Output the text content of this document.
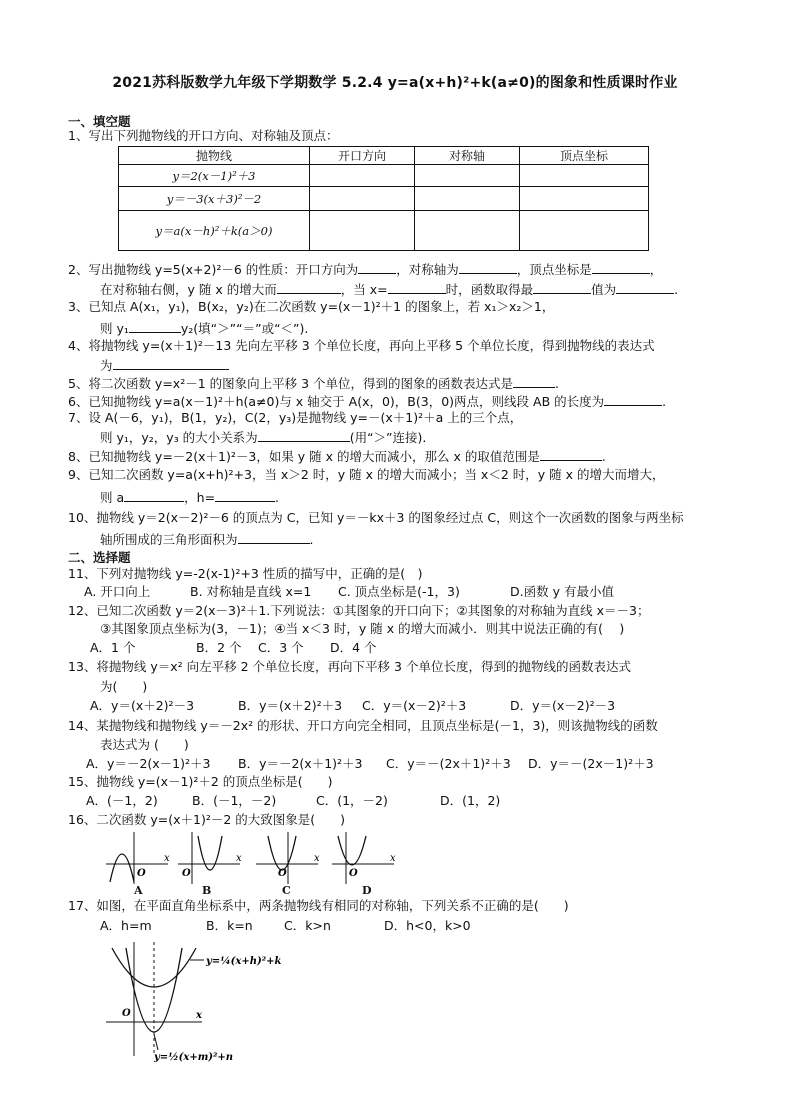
2021苏科版数学九年级下学期数学 5.2.4 y=a(x+h)²+k(a≠0)的图象和性质课时作业
一、填空题
1、写出下列抛物线的开口方向、对称轴及顶点：
抛物线	开口方向	对称轴	顶点坐标
y＝2(x－1)²＋3			
y＝－3(x＋3)²－2			
y＝a(x－h)²＋k(a＞0)			
2、写出抛物线 y=5(x+2)²－6 的性质：开口方向为	，对称轴为	，顶点坐标是	，
在对称轴右侧，y 随 x 的增大而	，当 x=	时，函数取得最	值为	.
3、已知点 A(x₁，y₁)，B(x₂，y₂)在二次函数 y=(x－1)²＋1 的图象上，若 x₁＞x₂＞1，
则 y₁	y₂(填“＞”“＝”或“＜”).
4、将抛物线 y=(x＋1)²－13 先向左平移 3 个单位长度，再向上平移 5 个单位长度，得到抛物线的表达式
为
5、将二次函数 y=x²－1 的图象向上平移 3 个单位，得到的图象的函数表达式是	.
6、已知抛物线 y=a(x－1)²＋h(a≠0)与 x 轴交于 A(x，0)，B(3，0)两点，则线段 AB 的长度为	.
7、设 A(－6，y₁)，B(1，y₂)，C(2，y₃)是抛物线 y=－(x＋1)²＋a 上的三个点，
则 y₁，y₂，y₃ 的大小关系为	(用“＞”连接).
8、已知抛物线 y=－2(x＋1)²－3，如果 y 随 x 的增大而减小，那么 x 的取值范围是	.
9、已知二次函数 y=a(x+h)²+3，当 x＞2 时，y 随 x 的增大而减小；当 x＜2 时，y 随 x 的增大而增大，
则 a	，h=	.
10、抛物线 y＝2(x－2)²－6 的顶点为 C，已知 y＝－kx＋3 的图象经过点 C，则这个一次函数的图象与两坐标
轴所围成的三角形面积为	.
二、选择题
11、下列对抛物线 y=-2(x-1)²+3 性质的描写中，正确的是(　)
A. 开口向上	B. 对称轴是直线 x=1 C. 顶点坐标是(-1，3)	D.函数 y 有最小值
12、已知二次函数 y＝2(x－3)²＋1.下列说法：①其图象的开口向下；②其图象的对称轴为直线 x＝－3；
③其图象顶点坐标为(3，－1)；④当 x＜3 时，y 随 x 的增大而减小．则其中说法正确的有(　 )
A．1 个	B．2 个 C．3 个 D．4 个
13、将抛物线 y＝x² 向左平移 2 个单位长度，再向下平移 3 个单位长度，得到的抛物线的函数表达式
为(　　)
A．y＝(x＋2)²－3	B．y＝(x＋2)²＋3 C．y＝(x－2)²＋3	D．y＝(x－2)²－3
14、某抛物线和抛物线 y＝－2x² 的形状、开口方向完全相同，且顶点坐标是(－1，3)，则该抛物线的函数
表达式为 (　　)
A．y＝－2(x－1)²＋3 B．y＝－2(x＋1)²＋3 C．y＝－(2x＋1)²＋3 D．y＝－(2x－1)²＋3
15、抛物线 y=(x－1)²＋2 的顶点坐标是(　　)
A．(－1，2)	B．(－1，－2)	C．(1，－2)	D．(1，2)
16、二次函数 y=(x＋1)²－2 的大致图象是(　　)
O
x
A
O
x
B
O
x
C
O
x
D
17、如图，在平面直角坐标系中，两条抛物线有相同的对称轴，下列关系不正确的是(　　)
A．h=m	B．k=n	C．k>n	D．h<0，k>0
O	x
y=¼(x+h)²+k
y=½(x+m)²+n
